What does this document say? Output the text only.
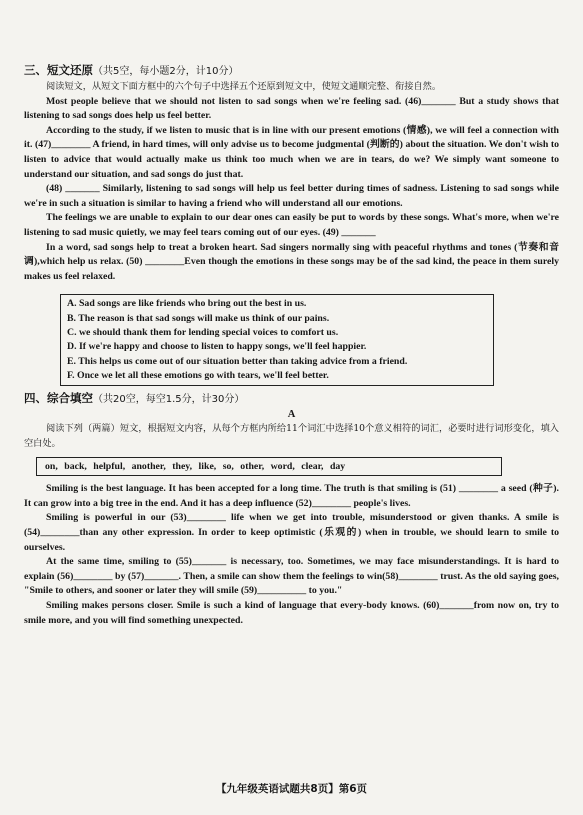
三、短文还原（共5空，每小题2分，计10分）

阅读短文，从短文下面方框中的六个句子中选择五个还原到短文中，使短文通顺完整、衔接自然。

Most people believe that we should not listen to sad songs when we're feeling sad. (46)_______ But a study shows that listening to sad songs does help us feel better.

According to the study, if we listen to music that is in line with our present emotions (情感), we will feel a connection with it. (47)________ A friend, in hard times, will only advise us to become judgmental (判断的) about the situation. We don't wish to listen to advice that would actually make us think too much when we are in tears, do we? We simply want someone to understand our situation, and sad songs do just that.

(48) _______ Similarly, listening to sad songs will help us feel better during times of sadness. Listening to sad songs while we're in such a situation is similar to having a friend who will understand all our emotions.

The feelings we are unable to explain to our dear ones can easily be put to words by these songs. What's more, when we're listening to sad music quietly, we may feel tears coming out of our eyes. (49) _______

In a word, sad songs help to treat a broken heart. Sad singers normally sing with peaceful rhythms and tones (节奏和音调),which help us relax. (50) ________Even though the emotions in these songs may be of the sad kind, the peace in them surely makes us feel relaxed.

A. Sad songs are like friends who bring out the best in us.
B. The reason is that sad songs will make us think of our pains.
C. we should thank them for lending special voices to comfort us.
D. If we're happy and choose to listen to happy songs, we'll feel happier.
E. This helps us come out of our situation better than taking advice from a friend.
F. Once we let all these emotions go with tears, we'll feel better.
四、综合填空（共20空，每空1.5分，计30分）
A

阅读下列（两篇）短文，根据短文内容，从每个方框内所给11个词汇中选择10个意义相符的词汇，必要时进行词形变化，填入空白处。

on, back, helpful, another, they, like, so, other, word, clear, day

Smiling is the best language. It has been accepted for a long time. The truth is that smiling is (51) ________ a seed (种子). It can grow into a big tree in the end. And it has a deep influence (52)________ people's lives.

Smiling is powerful in our (53)________ life when we get into trouble, misunderstood or given thanks. A smile is (54)________than any other expression. In order to keep optimistic (乐观的) when in trouble, we should learn to smile to ourselves.

At the same time, smiling to (55)_______ is necessary, too. Sometimes, we may face misunderstandings. It is hard to explain (56)________ by (57)_______. Then, a smile can show them the feelings to win(58)________ trust. As the old saying goes, "Smile to others, and sooner or later they will smile (59)__________ to you."

Smiling makes persons closer. Smile is such a kind of language that every-body knows. (60)_______from now on, try to smile more, and you will find something unexpected.

【九年级英语试题共8页】第6页
